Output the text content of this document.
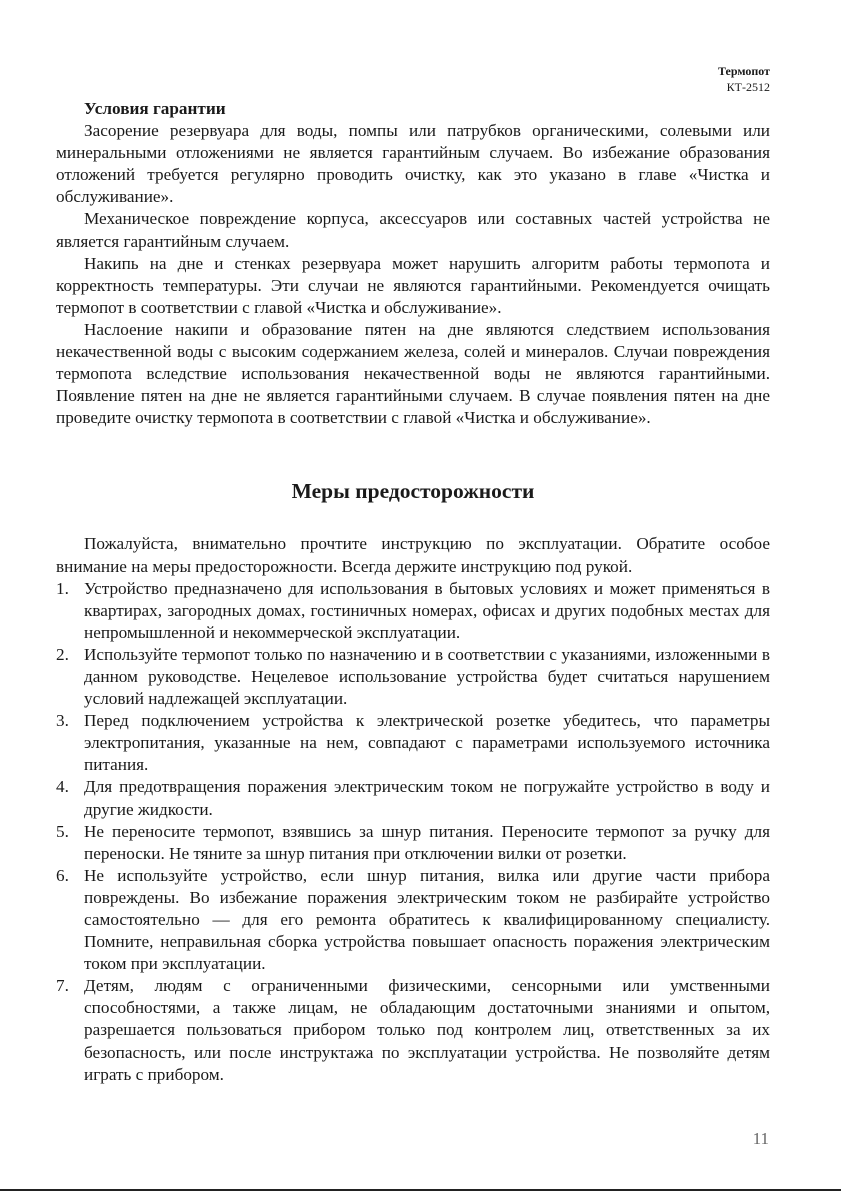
Термопот
КТ-2512
Условия гарантии

Засорение резервуара для воды, помпы или патрубков органическими, солевыми или минеральными отложениями не является гарантийным случаем. Во избежание образования отложений требуется регулярно проводить очистку, как это указано в главе «Чистка и обслуживание».

Механическое повреждение корпуса, аксессуаров или составных частей устройства не является гарантийным случаем.

Накипь на дне и стенках резервуара может нарушить алгоритм работы термопота и корректность температуры. Эти случаи не являются гарантийными. Рекомендуется очищать термопот в соответствии с главой «Чистка и обслуживание».

Наслоение накипи и образование пятен на дне являются следствием использования некачественной воды с высоким содержанием железа, солей и минералов. Случаи повреждения термопота вследствие использования некачественной воды не являются гарантийными. Появление пятен на дне не является гарантийными случаем. В случае появления пятен на дне проведите очистку термопота в соответствии с главой «Чистка и обслуживание».

Меры предосторожности

Пожалуйста, внимательно прочтите инструкцию по эксплуатации. Обратите особое внимание на меры предосторожности. Всегда держите инструкцию под рукой.

1. Устройство предназначено для использования в бытовых условиях и может применяться в квартирах, загородных домах, гостиничных номерах, офисах и других подобных местах для непромышленной и некоммерческой эксплуатации.
2. Используйте термопот только по назначению и в соответствии с указаниями, изложенными в данном руководстве. Нецелевое использование устройства будет считаться нарушением условий надлежащей эксплуатации.
3. Перед подключением устройства к электрической розетке убедитесь, что параметры электропитания, указанные на нем, совпадают с параметрами используемого источника питания.
4. Для предотвращения поражения электрическим током не погружайте устройство в воду и другие жидкости.
5. Не переносите термопот, взявшись за шнур питания. Переносите термопот за ручку для переноски. Не тяните за шнур питания при отключении вилки от розетки.
6. Не используйте устройство, если шнур питания, вилка или другие части прибора повреждены. Во избежание поражения электрическим током не разбирайте устройство самостоятельно — для его ремонта обратитесь к квалифицированному специалисту. Помните, неправильная сборка устройства повышает опасность поражения электрическим током при эксплуатации.
7. Детям, людям с ограниченными физическими, сенсорными или умственными способностями, а также лицам, не обладающим достаточными знаниями и опытом, разрешается пользоваться прибором только под контролем лиц, ответственных за их безопасность, или после инструктажа по эксплуатации устройства. Не позволяйте детям играть с прибором.
11
